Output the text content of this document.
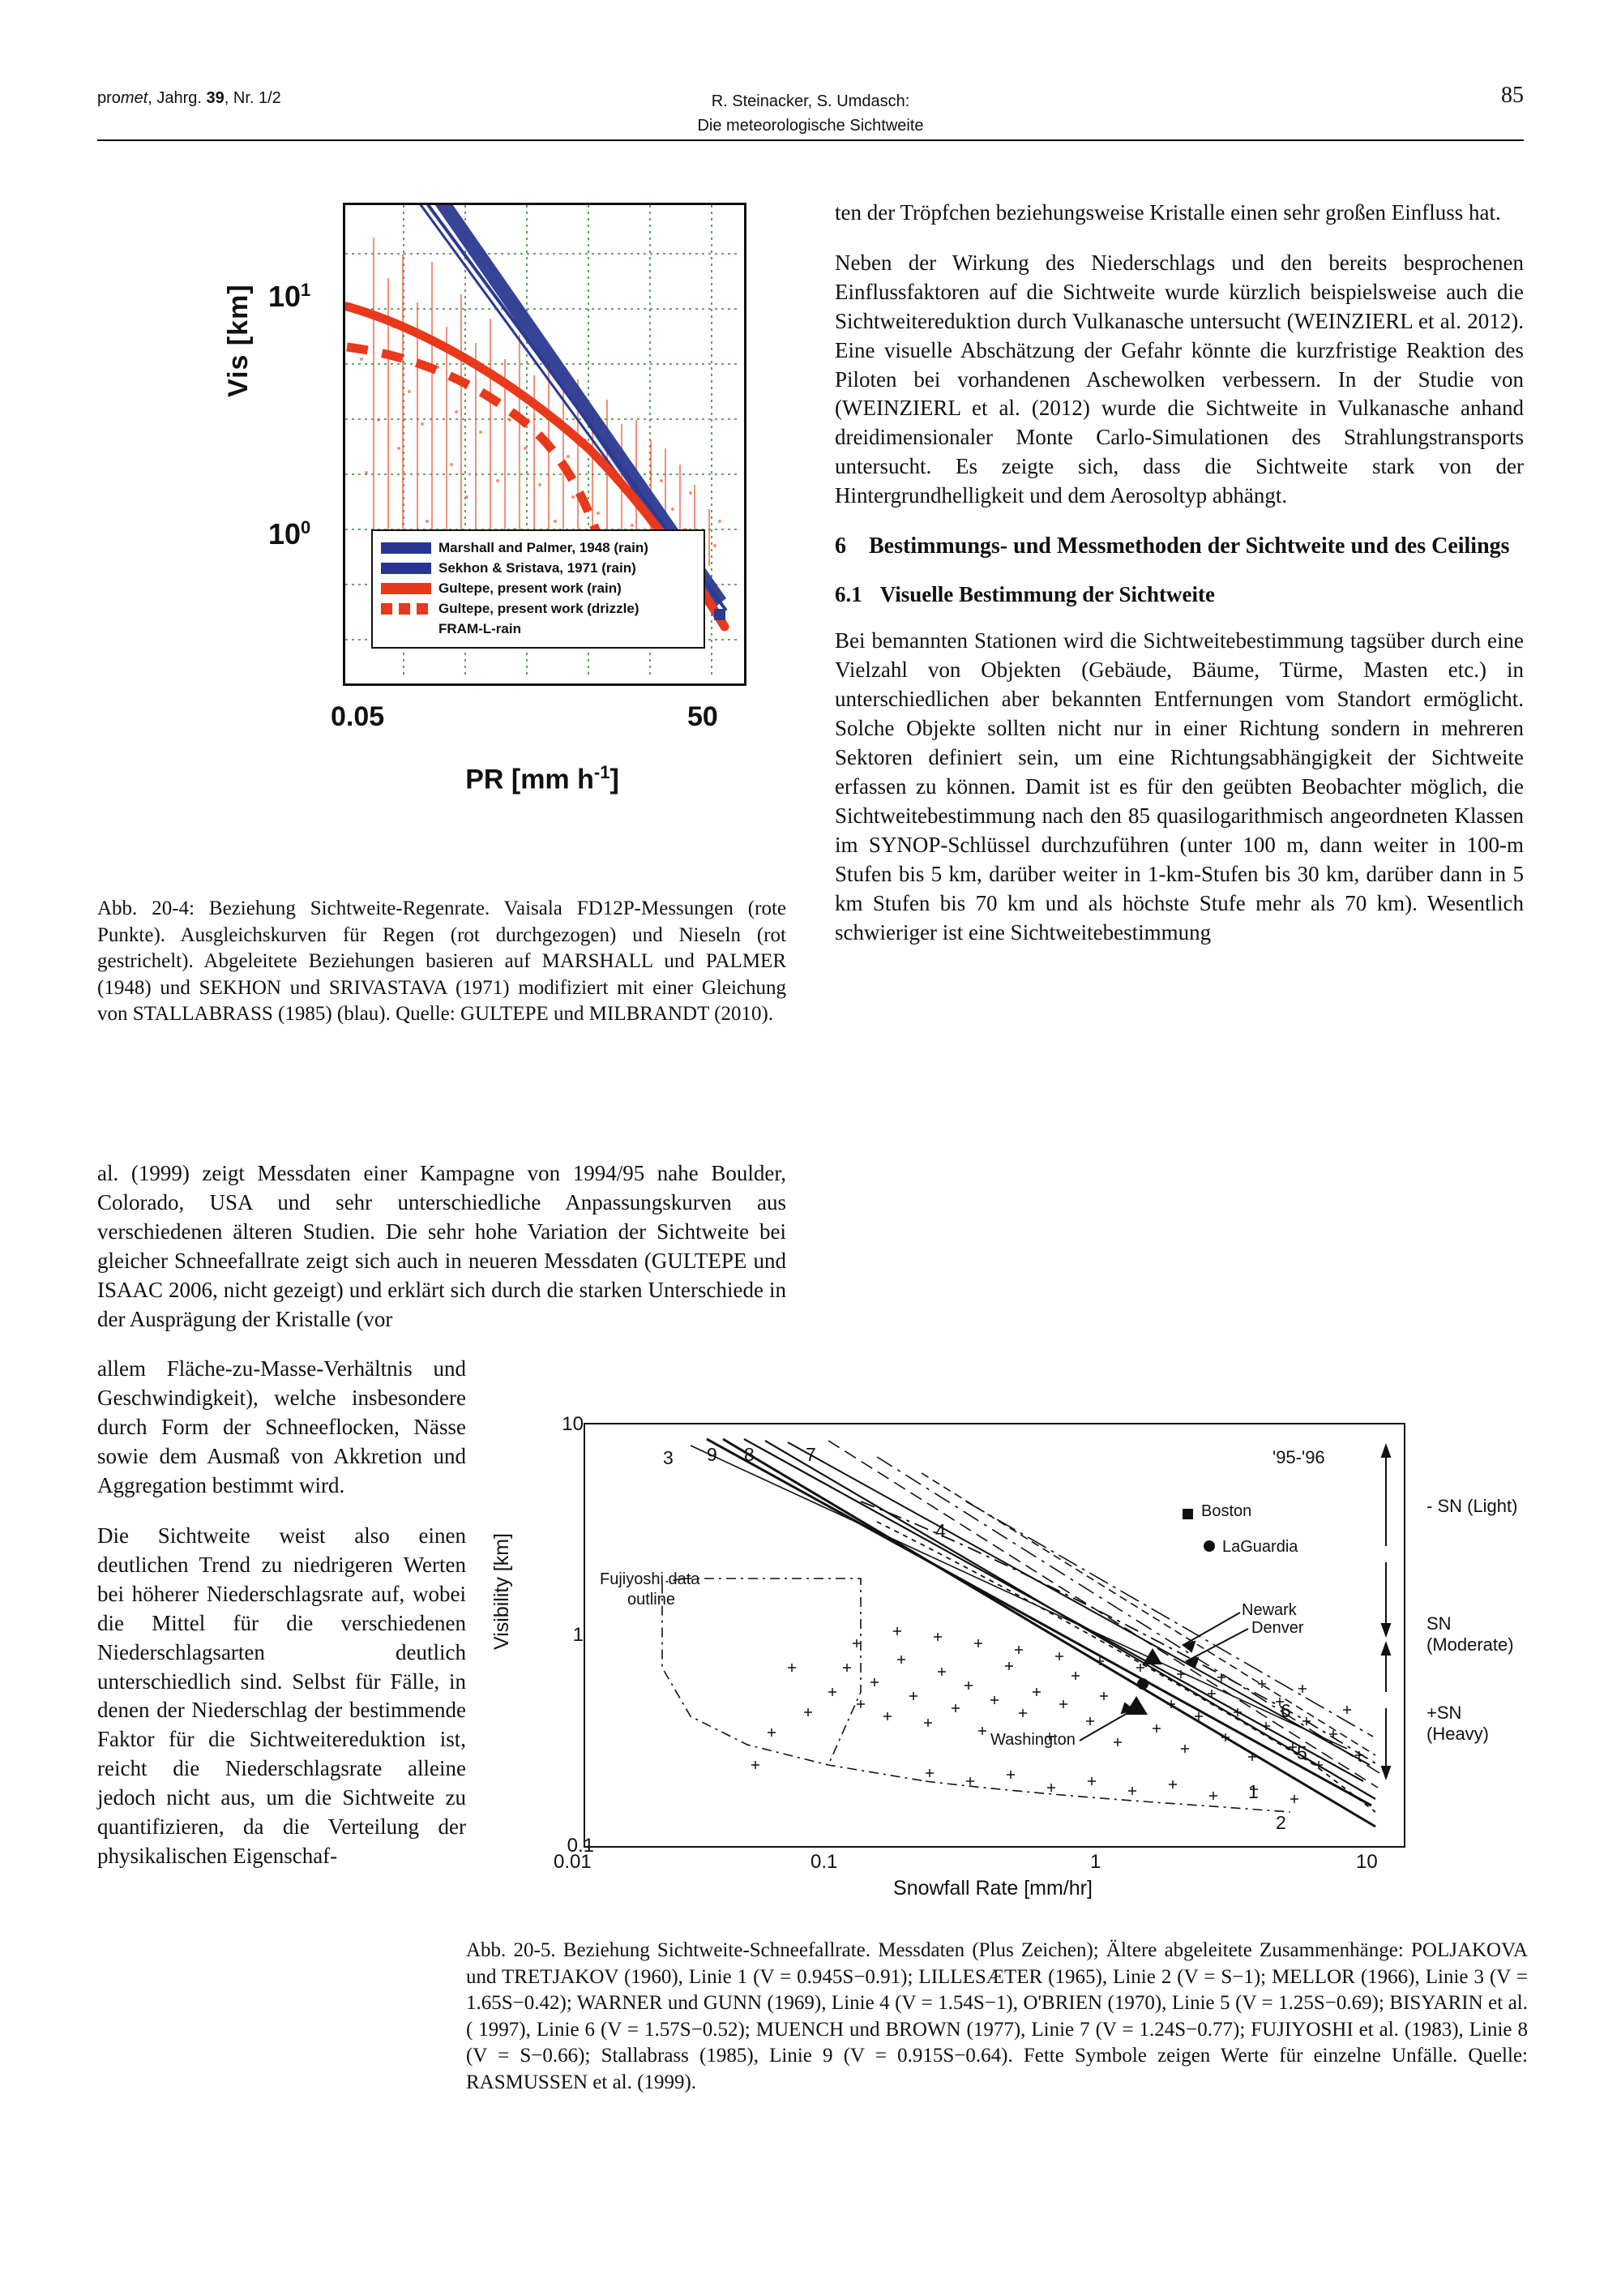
promet, Jahrg. 39, Nr. 1/2	R. Steinacker, S. Umdasch:
Die meteorologische Sichtweite
85
Marshall and Palmer, 1948 (rain)
Sekhon & Sristava, 1971 (rain)
Gultepe, present work (rain)
Gultepe, present work (drizzle)
FRAM-L-rain
Vis [km] $10^1$
$10^0$
0.05	50
PR [mm $h^{-1}$]

Abb. 20-4: Beziehung Sichtweite-Regenrate. Vaisala FD12P-Messungen (rote Punkte). Ausgleichskurven für Regen (rot durchgezogen) und Nieseln (rot gestrichelt). Abgeleitete Beziehungen basieren auf MARSHALL und PALMER (1948) und SEKHON und SRIVASTAVA (1971) modifiziert mit einer Gleichung von STALLABRASS (1985) (blau). Quelle: GULTEPE und MILBRANDT (2010).

al. (1999) zeigt Messdaten einer Kampagne von 1994/95 nahe Boulder, Colorado, USA und sehr unterschiedliche Anpassungskurven aus verschiedenen älteren Studien. Die sehr hohe Variation der Sichtweite bei gleicher Schneefallrate zeigt sich auch in neueren Messdaten (GULTEPE und ISAAC 2006, nicht gezeigt) und erklärt sich durch die starken Unterschiede in der Ausprägung der Kristalle (vor

allem Fläche-zu-Masse-Verhältnis und Geschwindigkeit), welche insbesondere durch Form der Schneeflocken, Nässe sowie dem Ausmaß von Akkretion und Aggregation bestimmt wird.

Die Sichtweite weist also einen deutlichen Trend zu niedrigeren Werten bei höherer Niederschlagsrate auf, wobei die Mittel für die verschiedenen Niederschlagsarten deutlich unterschiedlich sind. Selbst für Fälle, in denen der Niederschlag der bestimmende Faktor für die Sichtweitereduktion ist, reicht die Niederschlagsrate alleine jedoch nicht aus, um die Sichtweite zu quantifizieren, da die Verteilung der physikalischen Eigenschaf-

ten der Tröpfchen beziehungsweise Kristalle einen sehr großen Einfluss hat.

Neben der Wirkung des Niederschlags und den bereits besprochenen Einflussfaktoren auf die Sichtweite wurde kürzlich beispielsweise auch die Sichtweitereduktion durch Vulkanasche untersucht (WEINZIERL et al. 2012). Eine visuelle Abschätzung der Gefahr könnte die kurzfristige Reaktion des Piloten bei vorhandenen Aschewolken verbessern. In der Studie von (WEINZIERL et al. (2012) wurde die Sichtweite in Vulkanasche anhand dreidimensionaler Monte Carlo-Simulationen des Strahlungstransports untersucht. Es zeigte sich, dass die Sichtweite stark von der Hintergrundhelligkeit und dem Aerosoltyp abhängt.

6 Bestimmungs- und Messmethoden der Sichtweite und des Ceilings
6.1 Visuelle Bestimmung der Sichtweite

Bei bemannten Stationen wird die Sichtweitebestimmung tagsüber durch eine Vielzahl von Objekten (Gebäude, Bäume, Türme, Masten etc.) in unterschiedlichen aber bekannten Entfernungen vom Standort ermöglicht. Solche Objekte sollten nicht nur in einer Richtung sondern in mehreren Sektoren definiert sein, um eine Richtungsabhängigkeit der Sichtweite erfassen zu können. Damit ist es für den geübten Beobachter möglich, die Sichtweitebestimmung nach den 85 quasilogarithmisch angeordneten Klassen im SYNOP-Schlüssel durchzuführen (unter 100 m, dann weiter in 100-m Stufen bis 5 km, darüber weiter in 1-km-Stufen bis 30 km, darüber dann in 5 km Stufen bis 70 km und als höchste Stufe mehr als 70 km). Wesentlich schwieriger ist eine Sichtweitebestimmung

Fujiyoshi data
outline
'95-'96
Boston
LaGuardia
Newark
Denver
Washington
3 9 8	7
4
6
5
1
2
Visibility [km]
10
1
0.1
0.01	0.1	1	10
Snowfall Rate [mm/hr]
- SN (Light)
SN (Moderate)
+SN (Heavy)

Abb. 20-5. Beziehung Sichtweite-Schneefallrate. Messdaten (Plus Zeichen); Ältere abgeleitete Zusammenhänge: POLJAKOVA und TRETJAKOV (1960), Linie 1 (V = 0.945S−0.91); LILLESÆTER (1965), Linie 2 (V = S−1); MELLOR (1966), Linie 3 (V = 1.65S−0.42); WARNER und GUNN (1969), Linie 4 (V = 1.54S−1), O'BRIEN (1970), Linie 5 (V = 1.25S−0.69); BISYARIN et al.( 1997), Linie 6 (V = 1.57S−0.52); MUENCH und BROWN (1977), Linie 7 (V = 1.24S−0.77); FUJIYOSHI et al. (1983), Linie 8 (V = S−0.66); Stallabrass (1985), Linie 9 (V = 0.915S−0.64). Fette Symbole zeigen Werte für einzelne Unfälle. Quelle: RASMUSSEN et al. (1999).
